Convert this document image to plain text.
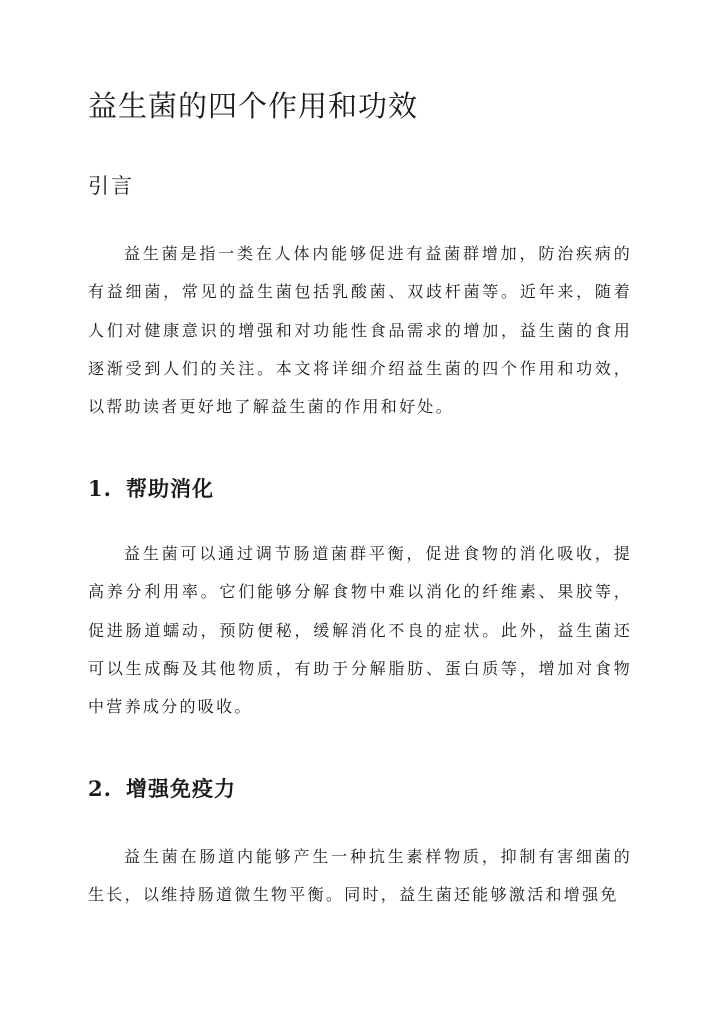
益生菌的四个作用和功效
引言

益生菌是指一类在人体内能够促进有益菌群增加，防治疾病的有益细菌，常见的益生菌包括乳酸菌、双歧杆菌等。近年来，随着人们对健康意识的增强和对功能性食品需求的增加，益生菌的食用逐渐受到人们的关注。本文将详细介绍益生菌的四个作用和功效，以帮助读者更好地了解益生菌的作用和好处。

1. 帮助消化

益生菌可以通过调节肠道菌群平衡，促进食物的消化吸收，提高养分利用率。它们能够分解食物中难以消化的纤维素、果胶等，促进肠道蠕动，预防便秘，缓解消化不良的症状。此外，益生菌还可以生成酶及其他物质，有助于分解脂肪、蛋白质等，增加对食物中营养成分的吸收。

2. 增强免疫力

益生菌在肠道内能够产生一种抗生素样物质，抑制有害细菌的生长，以维持肠道微生物平衡。同时，益生菌还能够激活和增强免
